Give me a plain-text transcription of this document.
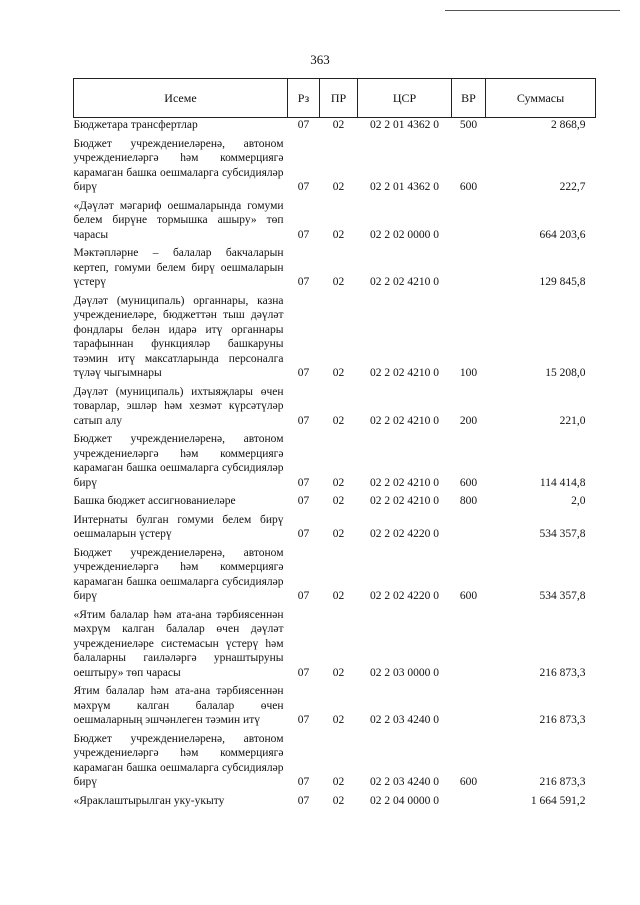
363
Исеме	Рз	ПР	ЦСР	ВР	Суммасы
Бюджетара трансфертлар	07	02	02 2 01 4362 0	500	2 868,9
Бюджет учреждениеләренә, автоном учреждениеләргә һәм коммерциягә карамаган башка оешмаларга субсидияләр бирү	07	02	02 2 01 4362 0	600	222,7
«Дәүләт мәгариф оешмаларында гомуми белем бирүне тормышка ашыру» төп чарасы	07	02	02 2 02 0000 0		664 203,6
Мәктәпләрне – балалар бакчаларын кертеп, гомуми белем бирү оешмаларын үстерү	07	02	02 2 02 4210 0		129 845,8
Дәүләт (муниципаль) органнары, казна учреждениеләре, бюджеттән тыш дәүләт фондлары белән идарә итү органнары тарафыннан функцияләр башкаруны тәэмин итү максатларында персоналга түләү чыгымнары	07	02	02 2 02 4210 0	100	15 208,0
Дәүләт (муниципаль) ихтыяҗлары өчен товарлар, эшләр һәм хезмәт күрсәтүләр сатып алу	07	02	02 2 02 4210 0	200	221,0
Бюджет учреждениеләренә, автоном учреждениеләргә һәм коммерциягә карамаган башка оешмаларга субсидияләр бирү	07	02	02 2 02 4210 0	600	114 414,8
Башка бюджет ассигнованиеләре	07	02	02 2 02 4210 0	800	2,0
Интернаты булган гомуми белем бирү оешмаларын үстерү	07	02	02 2 02 4220 0		534 357,8
Бюджет учреждениеләренә, автоном учреждениеләргә һәм коммерциягә карамаган башка оешмаларга субсидияләр бирү	07	02	02 2 02 4220 0	600	534 357,8
«Ятим балалар һәм ата-ана тәрбиясеннән мәхрүм калган балалар өчен дәүләт учреждениеләре системасын үстерү һәм балаларны гаиләләргә урнаштыруны оештыру» төп чарасы	07	02	02 2 03 0000 0		216 873,3
Ятим балалар һәм ата-ана тәрбиясеннән мәхрүм калган балалар өчен оешмаларның эшчәнлеген тәэмин итү	07	02	02 2 03 4240 0		216 873,3
Бюджет учреждениеләренә, автоном учреждениеләргә һәм коммерциягә карамаган башка оешмаларга субсидияләр бирү	07	02	02 2 03 4240 0	600	216 873,3
«Яраклаштырылган уку-укыту	07	02	02 2 04 0000 0		1 664 591,2
